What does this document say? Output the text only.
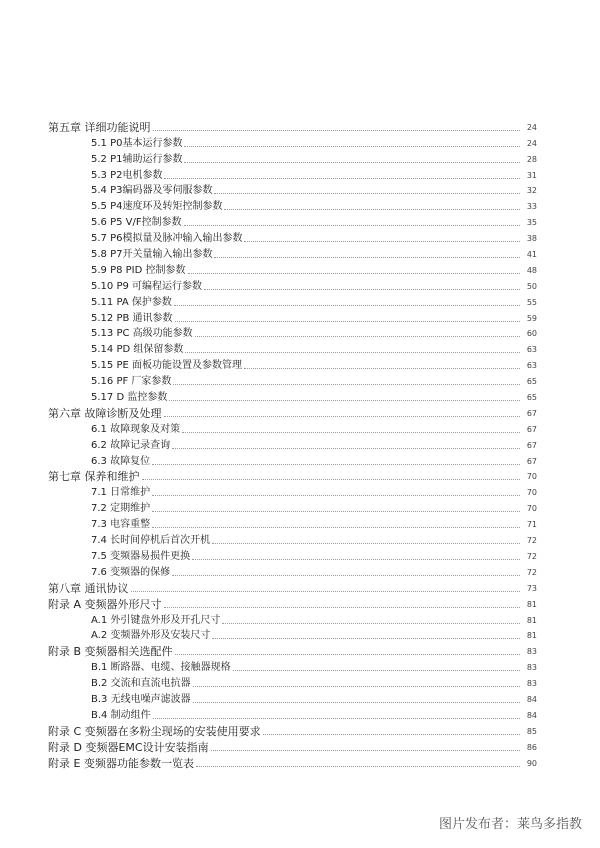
第五章 详细功能说明	24
5.1 P0基本运行参数	24
5.2 P1辅助运行参数	28
5.3 P2电机参数	31
5.4 P3编码器及零伺服参数	32
5.5 P4速度环及转矩控制参数	33
5.6 P5 V/F控制参数	35
5.7 P6模拟量及脉冲输入输出参数	38
5.8 P7开关量输入输出参数	41
5.9 P8 PID 控制参数	48
5.10 P9 可编程运行参数	50
5.11 PA 保护参数	55
5.12 PB 通讯参数	59
5.13 PC 高级功能参数	60
5.14 PD 组保留参数	63
5.15 PE 面板功能设置及参数管理	63
5.16 PF 厂家参数	65
5.17 D 监控参数	65
第六章 故障诊断及处理	67
6.1 故障现象及对策	67
6.2 故障记录查询	67
6.3 故障复位	67
第七章 保养和维护	70
7.1 日常维护	70
7.2 定期维护	70
7.3 电容重整	71
7.4 长时间停机后首次开机	72
7.5 变频器易损件更换	72
7.6 变频器的保修	72
第八章 通讯协议	73
附录 A 变频器外形尺寸	81
A.1 外引键盘外形及开孔尺寸	81
A.2 变频器外形及安装尺寸	81
附录 B 变频器相关选配件	83
B.1 断路器、电缆、接触器规格	83
B.2 交流和直流电抗器	83
B.3 无线电噪声滤波器	84
B.4 制动组件	84
附录 C 变频器在多粉尘现场的安装使用要求	85
附录 D 变频器EMC设计安装指南	86
附录 E 变频器功能参数一览表	90
图片发布者：莱鸟多指教
